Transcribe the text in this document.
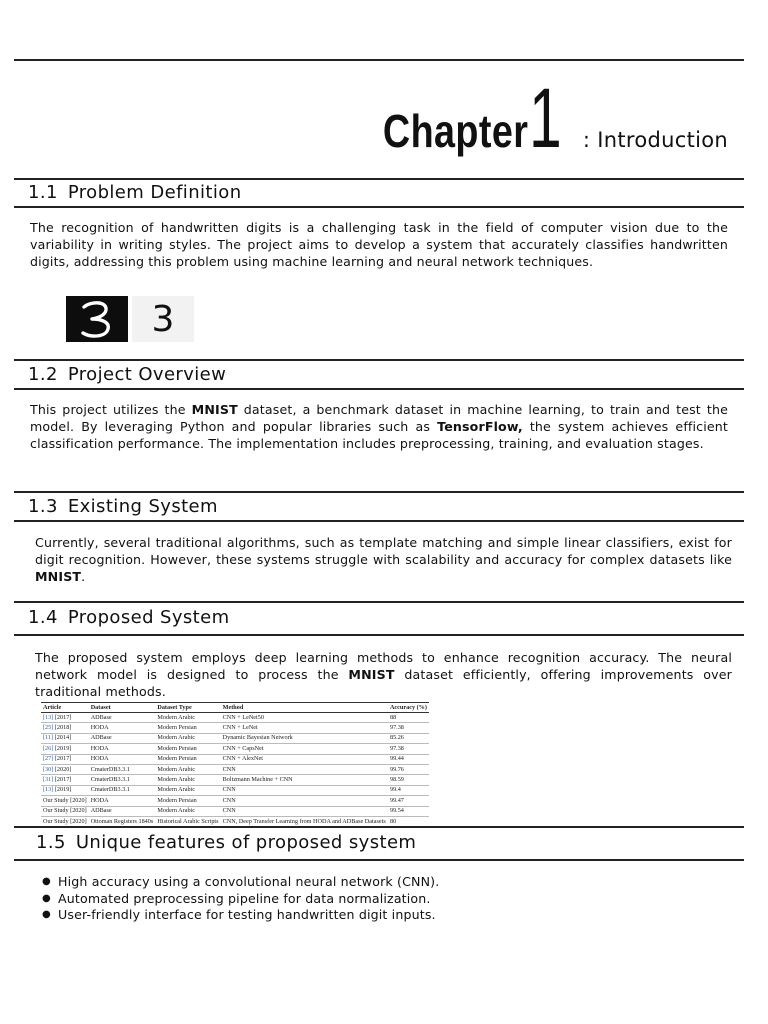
Chapter 1 : Introduction
1.1 Problem Definition
The recognition of handwritten digits is a challenging task in the field of computer vision due to the variability in writing styles. The project aims to develop a system that accurately classifies handwritten digits, addressing this problem using machine learning and neural network techniques.
3
1.2 Project Overview
This project utilizes the MNIST dataset, a benchmark dataset in machine learning, to train and test the model. By leveraging Python and popular libraries such as TensorFlow, the system achieves efficient classification performance. The implementation includes preprocessing, training, and evaluation stages.
1.3 Existing System
Currently, several traditional algorithms, such as template matching and simple linear classifiers, exist for digit recognition. However, these systems struggle with scalability and accuracy for complex datasets like MNIST.
1.4 Proposed System
The proposed system employs deep learning methods to enhance recognition accuracy. The neural network model is designed to process the MNIST dataset efficiently, offering improvements over traditional methods.
Article	Dataset	Dataset Type	Method	Accuracy (%)
[13] [2017]	ADBase	Modern Arabic	CNN + LeNet50	88
[25] [2018]	HODA	Modern Persian	CNN + LeNet	97.38
[11] [2014]	ADBase	Modern Arabic	Dynamic Bayesian Network	85.26
[26] [2019]	HODA	Modern Persian	CNN + CapsNet	97.38
[27] [2017]	HODA	Modern Persian	CNN + AlexNet	99.44
[30] [2020]	CmaterDB3.3.1	Modern Arabic	CNN	99.76
[31] [2017]	CmaterDB3.3.1	Modern Arabic	Boltzmann Machine + CNN	98.59
[13] [2019]	CmaterDB3.3.1	Modern Arabic	CNN	99.4
Our Study [2020]	HODA	Modern Persian	CNN	99.47
Our Study [2020]	ADBase	Modern Arabic	CNN	99.54
Our Study [2020]	Ottoman Registers 1840s	Historical Arabic Scripts	CNN, Deep Transfer Learning from HODA and ADBase Datasets	80
1.5 Unique features of proposed system
● High accuracy using a convolutional neural network (CNN).
● Automated preprocessing pipeline for data normalization.
● User-friendly interface for testing handwritten digit inputs.
